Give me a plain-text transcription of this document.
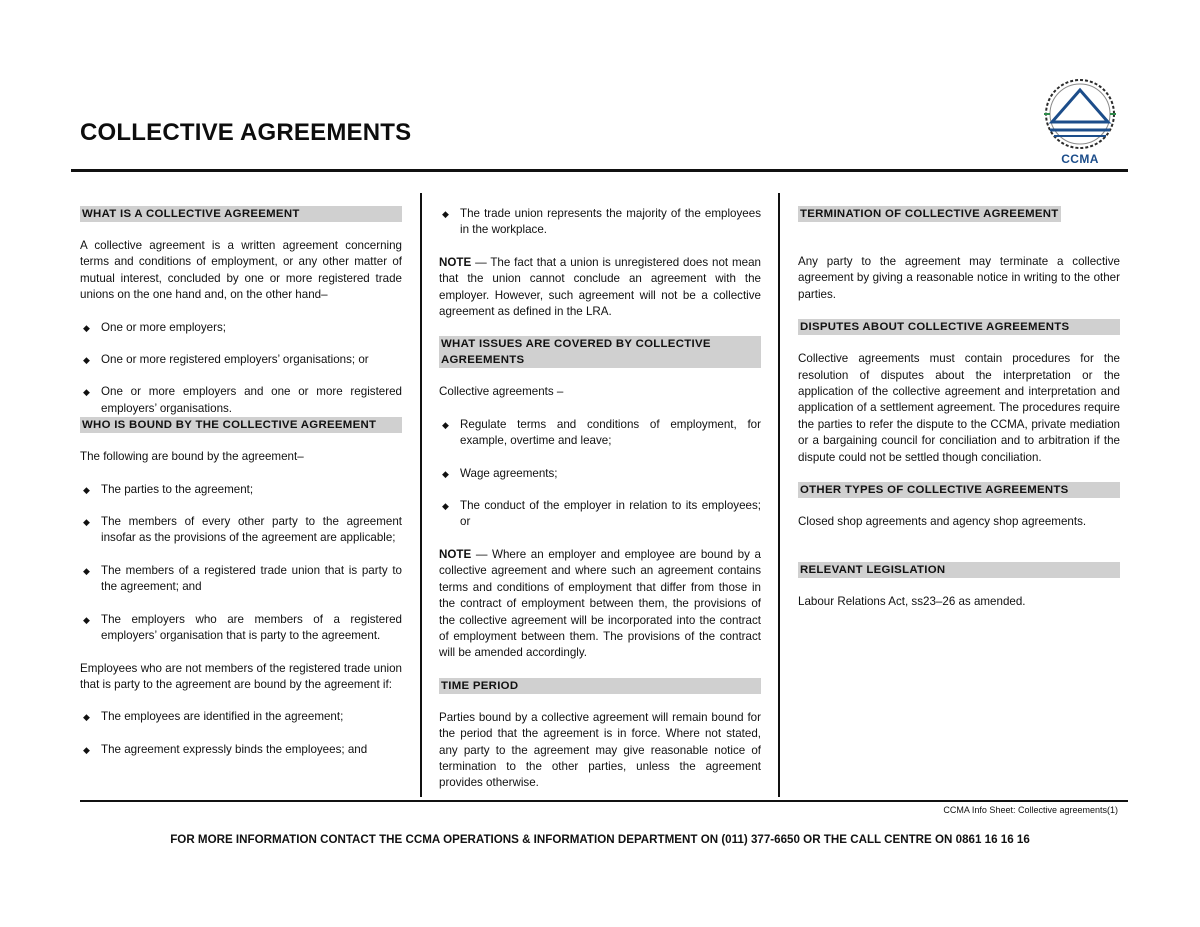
COLLECTIVE AGREEMENTS
CCMA
WHAT IS A COLLECTIVE AGREEMENT

A collective agreement is a written agreement concerning terms and conditions of employment, or any other matter of mutual interest, concluded by one or more registered trade unions on the one hand and, on the other hand–

◆ One or more employers;
◆ One or more registered employers’ organisations; or
◆ One or more employers and one or more registered employers’ organisations.
WHO IS BOUND BY THE COLLECTIVE AGREEMENT

The following are bound by the agreement–

◆ The parties to the agreement;
◆ The members of every other party to the agreement insofar as the provisions of the agreement are applicable;
◆ The members of a registered trade union that is party to the agreement; and
◆ The employers who are members of a registered employers’ organisation that is party to the agreement.

Employees who are not members of the registered trade union that is party to the agreement are bound by the agreement if:

◆ The employees are identified in the agreement;
◆ The agreement expressly binds the employees; and
◆ The trade union represents the majority of the employees in the workplace.

NOTE — The fact that a union is unregistered does not mean that the union cannot conclude an agreement with the employer. However, such agreement will not be a collective agreement as defined in the LRA.

WHAT ISSUES ARE COVERED BY COLLECTIVE AGREEMENTS

Collective agreements –

◆ Regulate terms and conditions of employment, for example, overtime and leave;
◆ Wage agreements;
◆ The conduct of the employer in relation to its employees; or

NOTE — Where an employer and employee are bound by a collective agreement and where such an agreement contains terms and conditions of employment that differ from those in the contract of employment between them, the provisions of the collective agreement will be incorporated into the contract of employment between them. The provisions of the contract will be amended accordingly.

TIME PERIOD

Parties bound by a collective agreement will remain bound for the period that the agreement is in force. Where not stated, any party to the agreement may give reasonable notice of termination to the other parties, unless the agreement provides otherwise.

TERMINATION OF COLLECTIVE AGREEMENT

Any party to the agreement may terminate a collective agreement by giving a reasonable notice in writing to the other parties.

DISPUTES ABOUT COLLECTIVE AGREEMENTS

Collective agreements must contain procedures for the resolution of disputes about the interpretation or the application of the collective agreement and interpretation and application of a settlement agreement. The procedures require the parties to refer the dispute to the CCMA, private mediation or a bargaining council for conciliation and to arbitration if the dispute could not be settled though conciliation.

OTHER TYPES OF COLLECTIVE AGREEMENTS

Closed shop agreements and agency shop agreements.

RELEVANT LEGISLATION

Labour Relations Act, ss23–26 as amended.

CCMA Info Sheet: Collective agreements(1)
FOR MORE INFORMATION CONTACT THE CCMA OPERATIONS & INFORMATION DEPARTMENT ON (011) 377-6650 OR THE CALL CENTRE ON 0861 16 16 16
